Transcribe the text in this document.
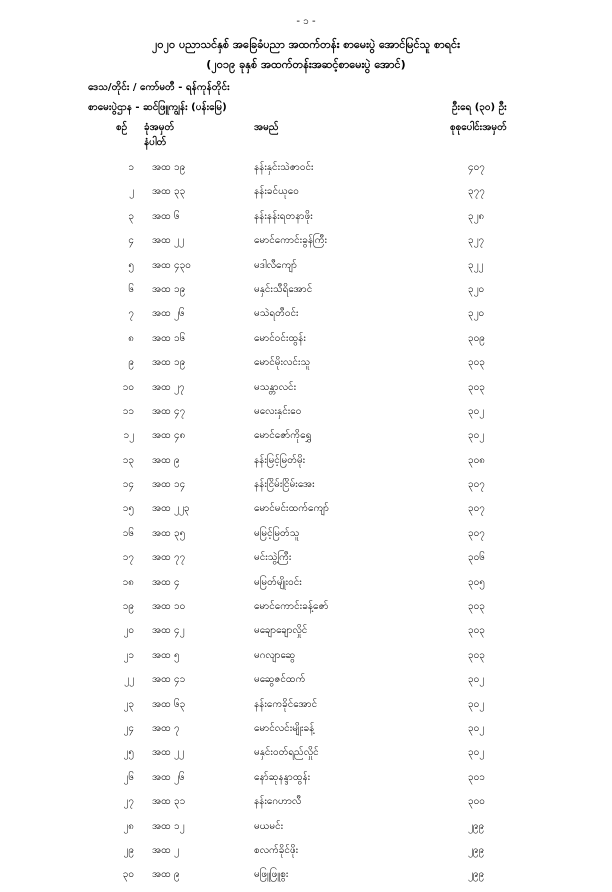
- ၁ -
၂၀၂၀ ပညာသင်နှစ် အခြေခံပညာ အထက်တန်း စာမေးပွဲ အောင်မြင်သူ စာရင်း
(၂၀၁၉ ခုနှစ် အထက်တန်းအဆင့်စာမေးပွဲ အောင်)
ဒေသ/တိုင်း / ကော်မတီ - ရန်ကုန်တိုင်း
စာမေးပွဲဌာန - ဆင်ဖြူကျွန်း (ပန်းမြေ)	ဦးရေ (၃၀) ဦး
စဉ် ခုံအမှတ်
နံပါတ်
အမည်	စုစုပေါင်းအမှတ်
၁ အထ ၁၉	နန်းနှင်းသဲဇာဝင်း	၄၀၇
၂ အထ ၃၃	နန်းခင်ယုဝေ	၃၇၇
၃ အထ ၆	နန်းနန်းရတနာဖိုး	၃၂၈
၄ အထ ၂၂	မောင်ကောင်းခွန်ကြီး	၃၂၇
၅ အထ ၄၃၀	မဒါလီကျော်	၃၂၂
၆ အထ ၁၉	မနှင်းသီရိအောင်	၃၂၀
၇ အထ ၂၆	မသဲရတီဝင်း	၃၂၀
၈ အထ ၁၆	မောင်ဝင်းထွန်း	၃၀၉
၉ အထ ၁၉	မောင်မိုးလင်းသူ	၃၀၃
၁၀ အထ ၂၇	မသန္တာလင်း	၃၀၃
၁၁ အထ ၄၇	မလေးနှင်းဝေ	၃၀၂
၁၂ အထ ၄၈	မောင်ဇော်ကိုရွှေ	၃၀၂
၁၃ အထ ၉	နန်းမြင့်မြတ်မိုး	၃၀၈
၁၄ အထ ၁၄	နန်းငြိမ်းငြိမ်းအေး	၃၀၇
၁၅ အထ ၂၂၃	မောင်မင်းထက်ကျော်	၃၀၇
၁၆ အထ ၃၅	မမြင့်မြတ်သူ	၃၀၇
၁၇ အထ ၇၇	မင်းသွဲ့ကြီး	၃၀၆
၁၈ အထ ၄	မမြတ်မျိုးဝင်း	၃၀၅
၁၉ အထ ၁၀	မောင်ကောင်းခန့်ဇော်	၃၀၃
၂၀ အထ ၄၂	မချောချောလှိုင်	၃၀၃
၂၁ အထ ၅	မဂလျာဆွေ	၃၀၃
၂၂ အထ ၄၁	မဆွေဇင်ထက်	၃၀၂
၂၃ အထ ၆၃	နန်းကေခိုင်အောင်	၃၀၂
၂၄ အထ ၇	မောင်လင်းမျိုးခန့်	၃၀၂
၂၅ အထ ၂၂	မနှင်းဝတ်ရည်လှိုင်	၃၀၂
၂၆ အထ ၂၆	နော်ဆုနန္ဒာထွန်း	၃၀၁
၂၇ အထ ၃၁	နန်းဂေဟာလီ	၃၀၀
၂၈ အထ ၁၂	မယမင်း	၂၉၉
၂၉ အထ ၂	စလက်ခိုင်ဖိုး	၂၉၉
၃၀ အထ ၉	မဖြူဖြူစွး	၂၉၉
